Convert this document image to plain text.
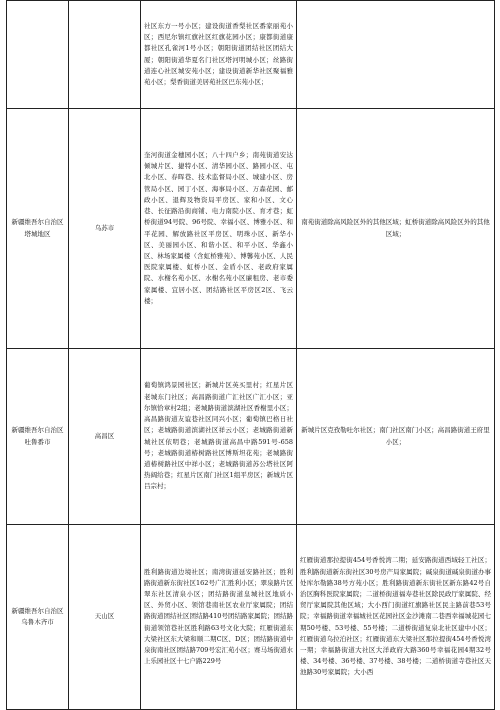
		社区东方一号小区；建设街道香梨社区番家丽苑小区；西尼尔镇红旗社区红旗花园小区；康都街道康都社区孔雀河1号小区；朝阳街道团结社区团结大厦；朝阳街道华夏名门社区塔河明城小区；丝路街道连心社区城安苑小区；建设街道新华社区聚福雅苑小区；梨香街道美居苑社区巴东苑小区；	
新疆维吾尔自治区塔城地区	乌苏市	奎河街道金穗园小区；八十四户乡；南苑街道安达倾城片区、捷特小区、清华园小区、路园小区、屯北小区、春晖巷、技术监督局小区、城建小区、房管局小区、园丁小区、海事局小区、万森花园、邮政小区、退辉及物资局平房区、家和小区、文心巷、长征路沿街商铺、电力南院小区、育才巷；虹桥街道94号院、96号院、幸福小区、博雅小区、和平花园、解放路社区平房区、明珠小区、新华小区、美丽园小区、和谐小区、和平小区、华鑫小区、林场家属楼（含虹桥雅苑）、博馨苑小区、人民医院家属楼、虹桥小区、金盾小区、老政府家属院、水榭名苑小区、水榭名苑小区廉租房、老市委家属楼、宜居小区、团结路社区平房区2区、飞云楼；	南苑街道除高风险区外的其他区域；虹桥街道除高风险区外的其他区域；
新疆维吾尔自治区吐鲁番市	高昌区	葡萄镇鸿景园社区；新城片区英买里村；红星片区老城东门社区；高昌路街道广汇社区广汇小区；亚尔镇恰章村2组；老城路街道滨湖社区香榭里小区；高昌路街道友谊巷社区同兴小区；葡萄镇巴格日社区；老城路街道滨湖社区祥云小区；老城路街道新城社区依明巷；老城路街道高昌中路591号-658号；老城路街道椿树路社区博斯坦花苑；老城路街道椿树路社区中祥小区；老城路街道苏公塔社区阿热阔给巷；红星片区南门社区1组平房区；新城片区吕宗村；	新城片区克孜勒吐尔社区；南门社区南门小区；高昌路街道王府里小区；
新疆维吾尔自治区乌鲁木齐市	天山区	胜利路街道边境社区；南湾街道延安路社区；胜利路街道新东街社区162号广汇胜利小区；翠泉路片区翠东社区清泉小区；团结路街道皇城社区地质小区、外贸小区、领馆巷南社区农业厅家属院；团结路街道团结社区团结路410号团结路家属院；团结路街道领馆巷社区胜利路63号文化大院；红雁街道东大梁社区东大梁和顺二期C区、D区；团结路街道中泉街南社区团结路709号宏汇苑小区；赛马场街道水上乐园社区十七户路229号	红雁街道那拉提街454号香悦湾二期；延安路街道西域轻工社区；胜利路街道新东街社区30号房产局家属院；碱泉街道碱泉街道办事处库尔勒路38号方苑小区；胜利路街道新东街社区新东路42号自治区胸科医院家属院；二道桥街道福寿巷社区除民政厅家属院、经贸厅家属院其他区域；大小西门街道红旗路社区民主路前巷53号院；幸福路街道幸福城社区花园社区金沙滩南二巷西幸福城花园七期50号楼、53号楼、55号楼；二道桥街道复泉北社区建中小区；红雁街道乌拉泊社区；红雁街道东大梁社区那拉提街454号香悦湾一期；幸福路街道大社区大洋政府大路360号幸福花园4期32号楼、34号楼、36号楼、37号楼、38号楼；二道桥街道寺巷社区天池路30号家属院；大小西
